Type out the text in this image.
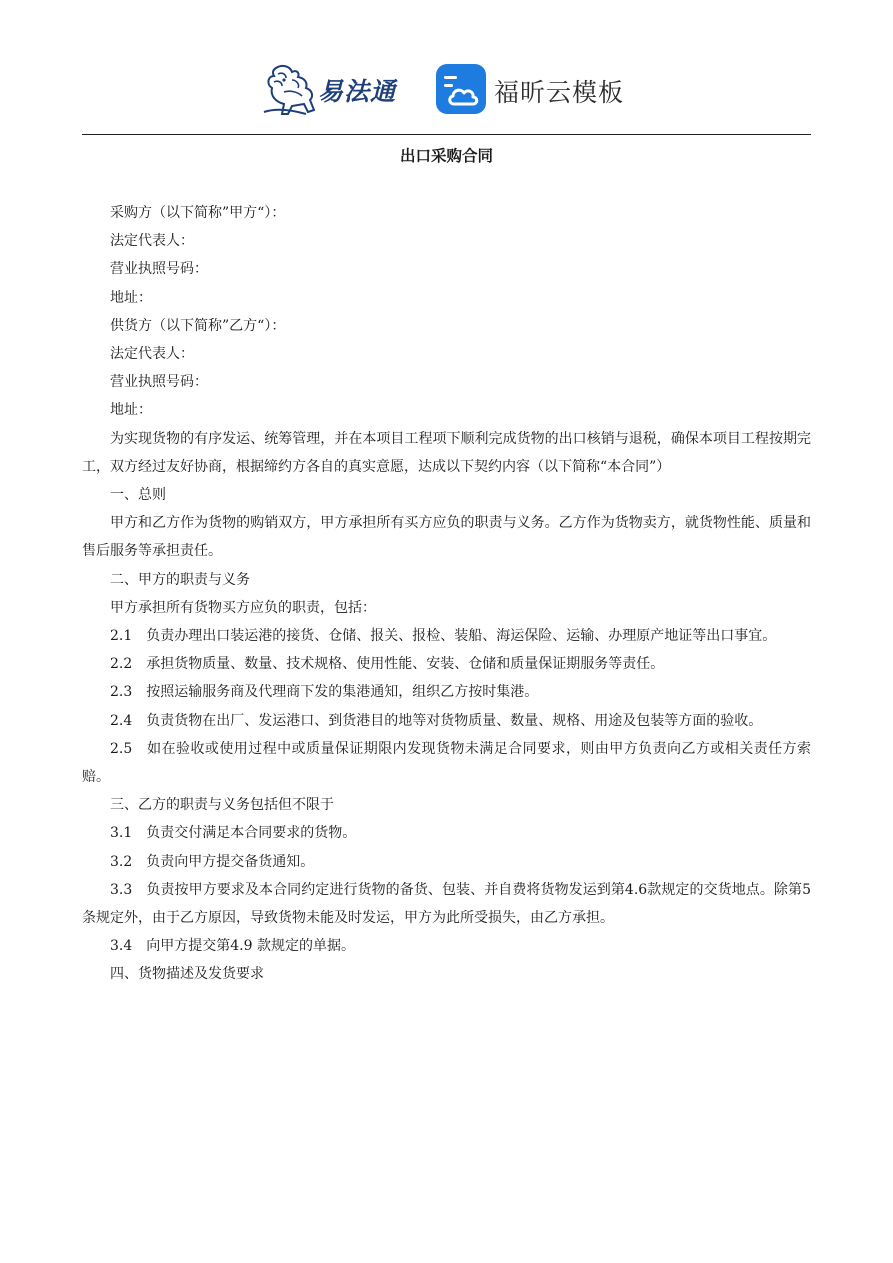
易法通	福昕云模板
出口采购合同

采购方（以下简称”甲方“）：

法定代表人：

营业执照号码：

地址：

供货方（以下简称”乙方“）：

法定代表人：

营业执照号码：

地址：

为实现货物的有序发运、统筹管理，并在本项目工程项下顺利完成货物的出口核销与退税，确保本项目工程按期完工，双方经过友好协商，根据缔约方各自的真实意愿，达成以下契约内容（以下简称“本合同”）

一、总则

甲方和乙方作为货物的购销双方，甲方承担所有买方应负的职责与义务。乙方作为货物卖方，就货物性能、质量和售后服务等承担责任。

二、甲方的职责与义务

甲方承担所有货物买方应负的职责，包括：

2.1　负责办理出口装运港的接货、仓储、报关、报检、装船、海运保险、运输、办理原产地证等出口事宜。

2.2　承担货物质量、数量、技术规格、使用性能、安装、仓储和质量保证期服务等责任。

2.3　按照运输服务商及代理商下发的集港通知，组织乙方按时集港。

2.4　负责货物在出厂、发运港口、到货港目的地等对货物质量、数量、规格、用途及包装等方面的验收。

2.5　如在验收或使用过程中或质量保证期限内发现货物未满足合同要求，则由甲方负责向乙方或相关责任方索赔。

三、乙方的职责与义务包括但不限于

3.1　负责交付满足本合同要求的货物。

3.2　负责向甲方提交备货通知。

3.3　负责按甲方要求及本合同约定进行货物的备货、包装、并自费将货物发运到第4.6款规定的交货地点。除第5条规定外，由于乙方原因，导致货物未能及时发运，甲方为此所受损失，由乙方承担。

3.4　向甲方提交第4.9 款规定的单据。

四、货物描述及发货要求
